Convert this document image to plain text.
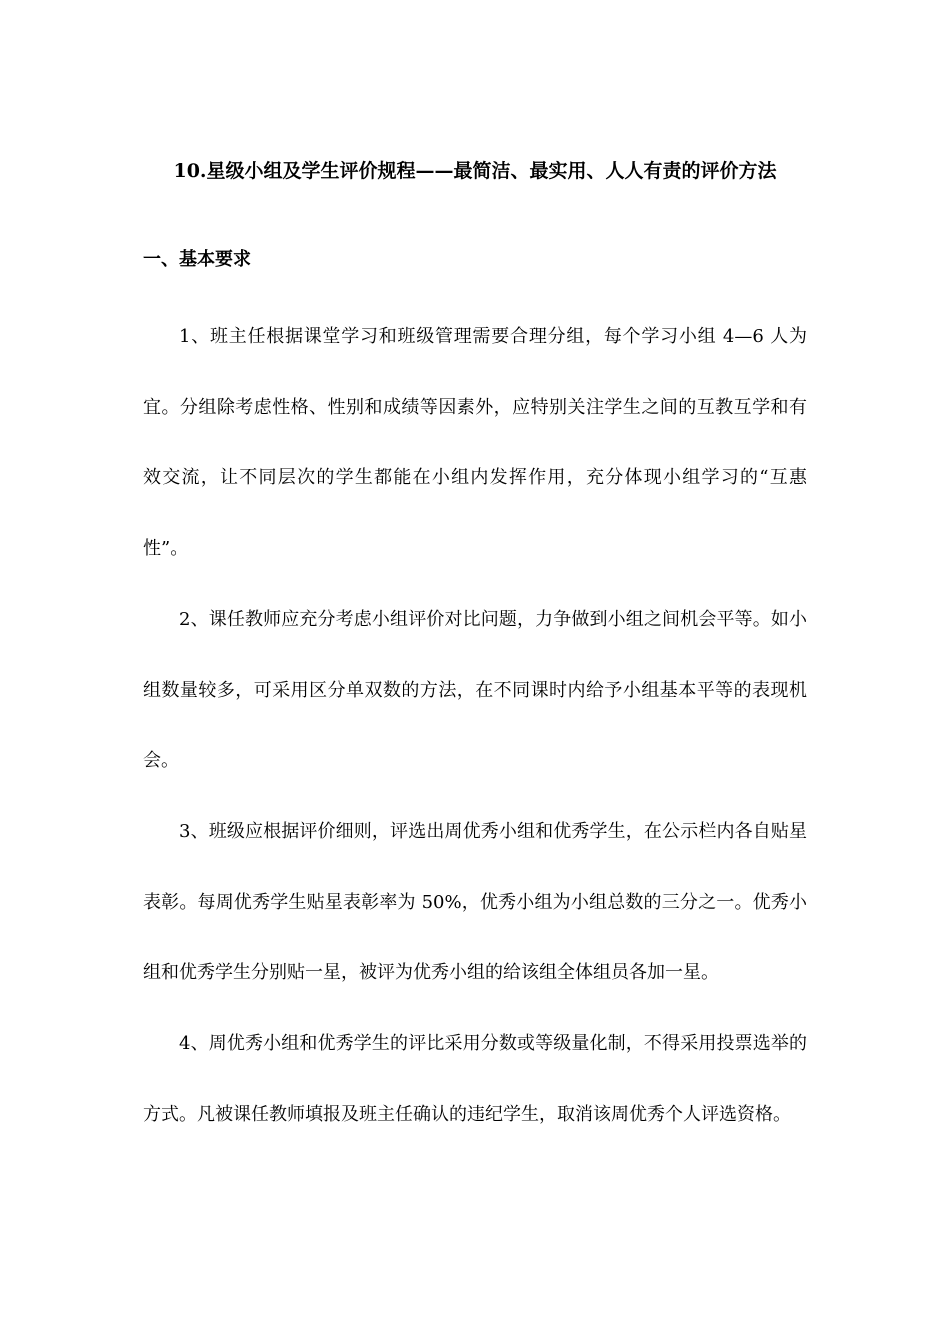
10.星级小组及学生评价规程——最简洁、最实用、人人有责的评价方法
一、基本要求

1、班主任根据课堂学习和班级管理需要合理分组，每个学习小组 4—6 人为宜。分组除考虑性格、性别和成绩等因素外，应特别关注学生之间的互教互学和有效交流，让不同层次的学生都能在小组内发挥作用，充分体现小组学习的“互惠性”。

2、课任教师应充分考虑小组评价对比问题，力争做到小组之间机会平等。如小组数量较多，可采用区分单双数的方法，在不同课时内给予小组基本平等的表现机会。

3、班级应根据评价细则，评选出周优秀小组和优秀学生，在公示栏内各自贴星表彰。每周优秀学生贴星表彰率为 50%，优秀小组为小组总数的三分之一。优秀小组和优秀学生分别贴一星，被评为优秀小组的给该组全体组员各加一星。

4、周优秀小组和优秀学生的评比采用分数或等级量化制，不得采用投票选举的方式。凡被课任教师填报及班主任确认的违纪学生，取消该周优秀个人评选资格。
